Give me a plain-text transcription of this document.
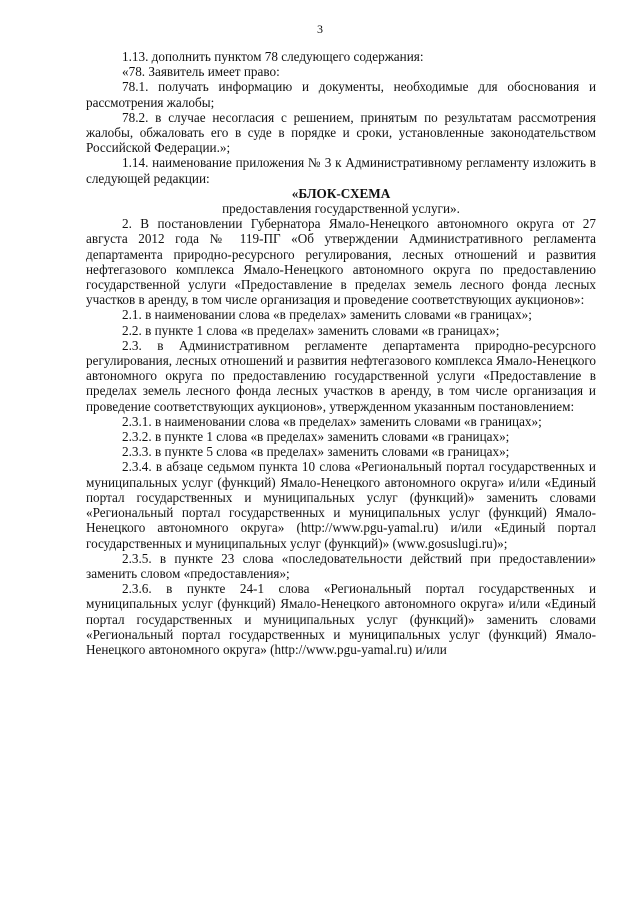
3

1.13. дополнить пунктом 78 следующего содержания:

«78. Заявитель имеет право:

78.1. получать информацию и документы, необходимые для обоснования и рассмотрения жалобы;

78.2. в случае несогласия с решением, принятым по результатам рассмотрения жалобы, обжаловать его в суде в порядке и сроки, установленные законодательством Российской Федерации.»;

1.14. наименование приложения № 3 к Административному регламенту изложить в следующей редакции:

«БЛОК-СХЕМА

предоставления государственной услуги».

2. В постановлении Губернатора Ямало-Ненецкого автономного округа от 27 августа 2012 года № 119-ПГ «Об утверждении Административного регламента департамента природно-ресурсного регулирования, лесных отношений и развития нефтегазового комплекса Ямало-Ненецкого автономного округа по предоставлению государственной услуги «Предоставление в пределах земель лесного фонда лесных участков в аренду, в том числе организация и проведение соответствующих аукционов»:

2.1. в наименовании слова «в пределах» заменить словами «в границах»;

2.2. в пункте 1 слова «в пределах» заменить словами «в границах»;

2.3. в Административном регламенте департамента природно-ресурсного регулирования, лесных отношений и развития нефтегазового комплекса Ямало-Ненецкого автономного округа по предоставлению государственной услуги «Предоставление в пределах земель лесного фонда лесных участков в аренду, в том числе организация и проведение соответствующих аукционов», утвержденном указанным постановлением:

2.3.1. в наименовании слова «в пределах» заменить словами «в границах»;

2.3.2. в пункте 1 слова «в пределах» заменить словами «в границах»;

2.3.3. в пункте 5 слова «в пределах» заменить словами «в границах»;

2.3.4. в абзаце седьмом пункта 10 слова «Региональный портал государственных и муниципальных услуг (функций) Ямало-Ненецкого автономного округа» и/или «Единый портал государственных и муниципальных услуг (функций)» заменить словами «Региональный портал государственных и муниципальных услуг (функций) Ямало-Ненецкого автономного округа» (http://www.pgu-yamal.ru) и/или «Единый портал государственных и муниципальных услуг (функций)» (www.gosuslugi.ru)»;

2.3.5. в пункте 23 слова «последовательности действий при предоставлении» заменить словом «предоставления»;

2.3.6. в пункте 24-1 слова «Региональный портал государственных и муниципальных услуг (функций) Ямало-Ненецкого автономного округа» и/или «Единый портал государственных и муниципальных услуг (функций)» заменить словами «Региональный портал государственных и муниципальных услуг (функций) Ямало-Ненецкого автономного округа» (http://www.pgu-yamal.ru) и/или
